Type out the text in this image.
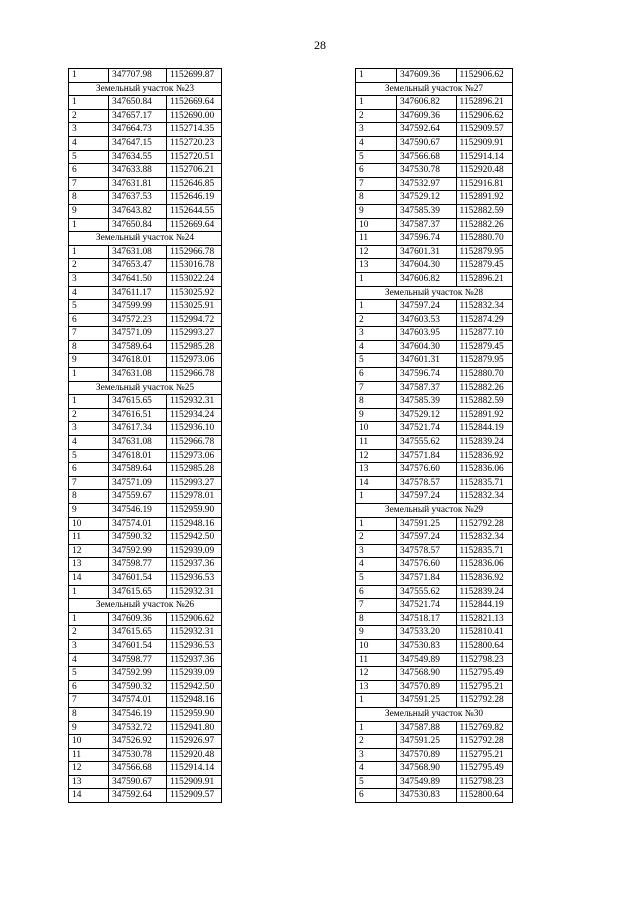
28
1	347707.98	1152699.87
Земельный участок №23		
1	347650.84	1152669.64
2	347657.17	1152690.00
3	347664.73	1152714.35
4	347647.15	1152720.23
5	347634.55	1152720.51
6	347633.88	1152706.21
7	347631.81	1152646.85
8	347637.53	1152646.19
9	347643.82	1152644.55
1	347650.84	1152669.64
Земельный участок №24		
1	347631.08	1152966.78
2	347653.47	1153016.78
3	347641.50	1153022.24
4	347611.17	1153025.92
5	347599.99	1153025.91
6	347572.23	1152994.72
7	347571.09	1152993.27
8	347589.64	1152985.28
9	347618.01	1152973.06
1	347631.08	1152966.78
Земельный участок №25		
1	347615.65	1152932.31
2	347616.51	1152934.24
3	347617.34	1152936.10
4	347631.08	1152966.78
5	347618.01	1152973.06
6	347589.64	1152985.28
7	347571.09	1152993.27
8	347559.67	1152978.01
9	347546.19	1152959.90
10	347574.01	1152948.16
11	347590.32	1152942.50
12	347592.99	1152939.09
13	347598.77	1152937.36
14	347601.54	1152936.53
1	347615.65	1152932.31
Земельный участок №26		
1	347609.36	1152906.62
2	347615.65	1152932.31
3	347601.54	1152936.53
4	347598.77	1152937.36
5	347592.99	1152939.09
6	347590.32	1152942.50
7	347574.01	1152948.16
8	347546.19	1152959.90
9	347532.72	1152941.80
10	347526.92	1152926.97
11	347530.78	1152920.48
12	347566.68	1152914.14
13	347590.67	1152909.91
14	347592.64	1152909.57
1	347609.36	1152906.62
Земельный участок №27		
1	347606.82	1152896.21
2	347609.36	1152906.62
3	347592.64	1152909.57
4	347590.67	1152909.91
5	347566.68	1152914.14
6	347530.78	1152920.48
7	347532.97	1152916.81
8	347529.12	1152891.92
9	347585.39	1152882.59
10	347587.37	1152882.26
11	347596.74	1152880.70
12	347601.31	1152879.95
13	347604.30	1152879.45
1	347606.82	1152896.21
Земельный участок №28		
1	347597.24	1152832.34
2	347603.53	1152874.29
3	347603.95	1152877.10
4	347604.30	1152879.45
5	347601.31	1152879.95
6	347596.74	1152880.70
7	347587.37	1152882.26
8	347585.39	1152882.59
9	347529.12	1152891.92
10	347521.74	1152844.19
11	347555.62	1152839.24
12	347571.84	1152836.92
13	347576.60	1152836.06
14	347578.57	1152835.71
1	347597.24	1152832.34
Земельный участок №29		
1	347591.25	1152792.28
2	347597.24	1152832.34
3	347578.57	1152835.71
4	347576.60	1152836.06
5	347571.84	1152836.92
6	347555.62	1152839.24
7	347521.74	1152844.19
8	347518.17	1152821.13
9	347533.20	1152810.41
10	347530.83	1152800.64
11	347549.89	1152798.23
12	347568.90	1152795.49
13	347570.89	1152795.21
1	347591.25	1152792.28
Земельный участок №30		
1	347587.88	1152769.82
2	347591.25	1152792.28
3	347570.89	1152795.21
4	347568.90	1152795.49
5	347549.89	1152798.23
6	347530.83	1152800.64
